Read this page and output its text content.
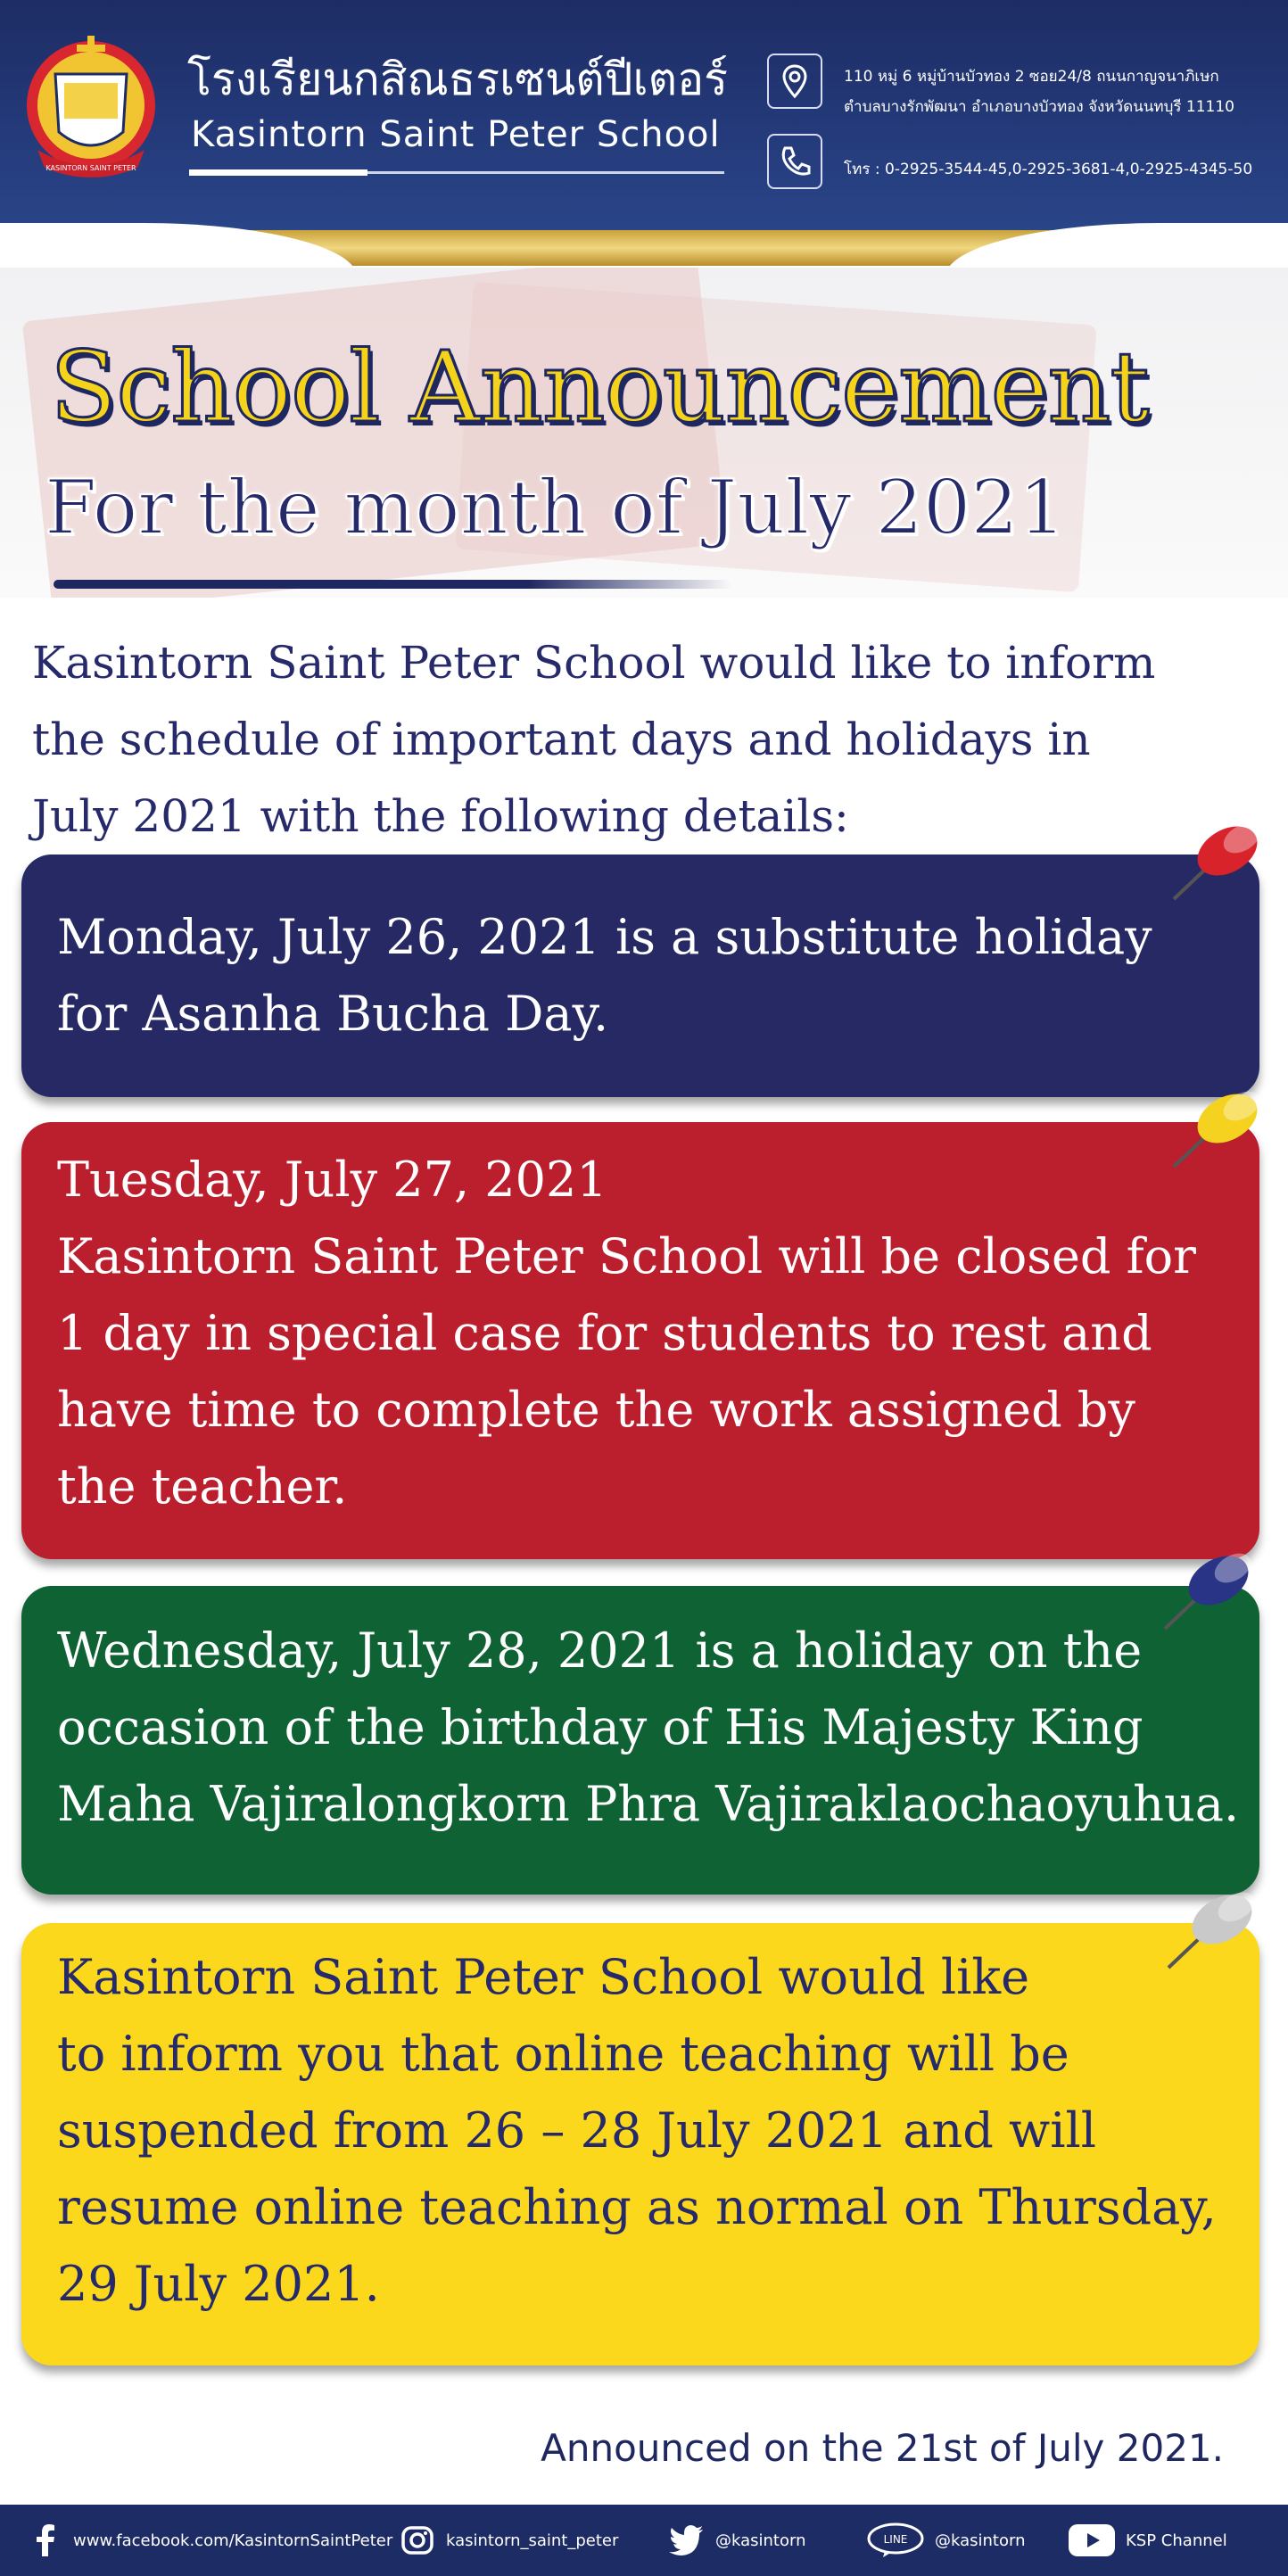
KASINTORN SAINT PETER
โรงเรียนกสิณธรเซนต์ปีเตอร์
Kasintorn Saint Peter School
110 หมู่ 6 หมู่บ้านบัวทอง 2 ซอย24/8 ถนนกาญจนาภิเษก
ตำบลบางรักพัฒนา อำเภอบางบัวทอง จังหวัดนนทบุรี 11110
โทร : 0-2925-3544-45,0-2925-3681-4,0-2925-4345-50
School Announcement
For the month of July 2021
Kasintorn Saint Peter School would like to inform
the schedule of important days and holidays in
July 2021 with the following details:
Monday, July 26, 2021 is a substitute holiday
for Asanha Bucha Day.
Tuesday, July 27, 2021
Kasintorn Saint Peter School will be closed for
1 day in special case for students to rest and
have time to complete the work assigned by
the teacher.
Wednesday, July 28, 2021 is a holiday on the
occasion of the birthday of His Majesty King
Maha Vajiralongkorn Phra Vajiraklaochaoyuhua.
Kasintorn Saint Peter School would like
to inform you that online teaching will be
suspended from 26 – 28 July 2021 and will
resume online teaching as normal on Thursday,
29 July 2021.
Announced on the 21st of July 2021.
www.facebook.com/KasintornSaintPeter	kasintorn_saint_peter	@kasintorn	LINE @kasintorn	KSP Channel
